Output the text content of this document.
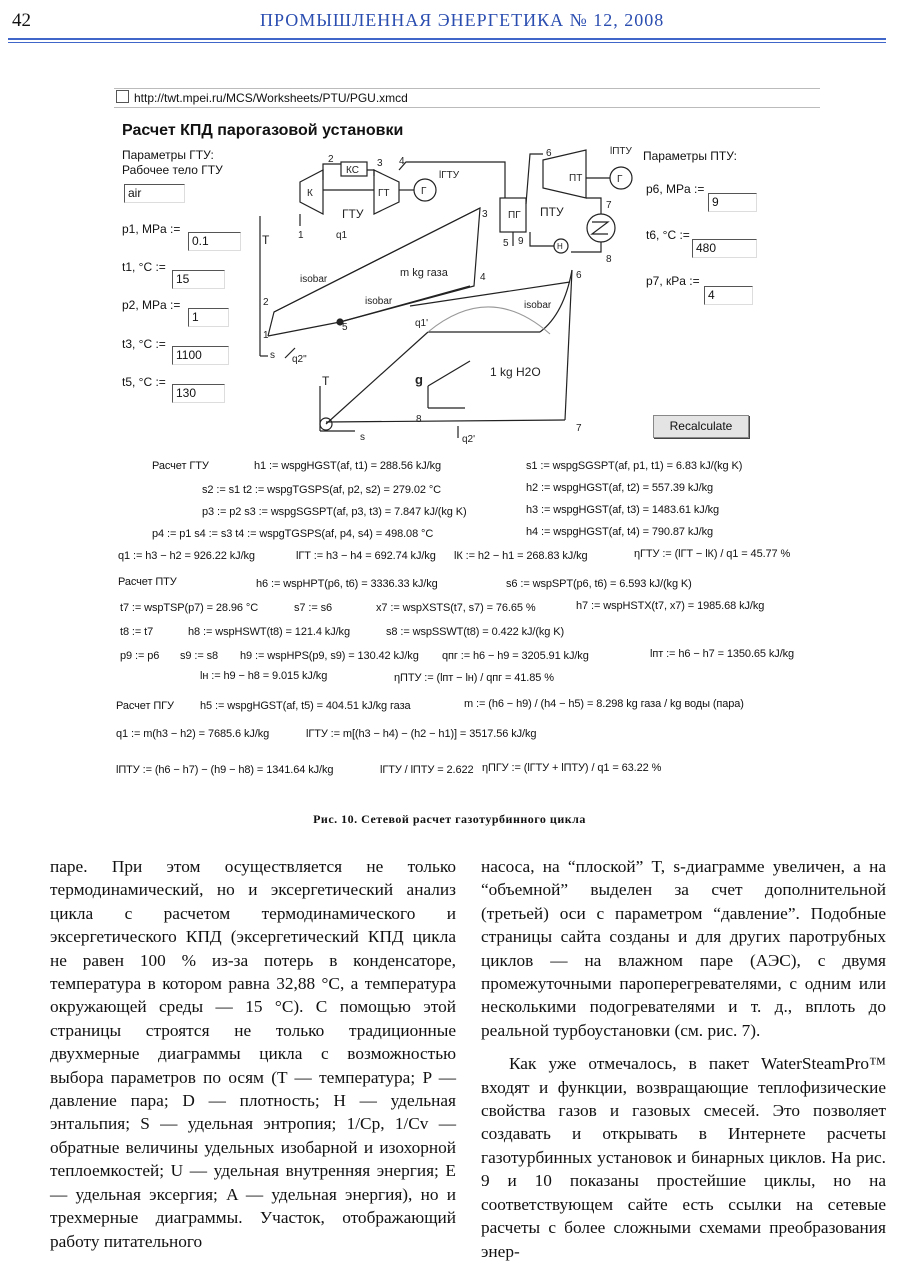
42	ПРОМЫШЛЕННАЯ ЭНЕРГЕТИКА № 12, 2008
http://twt.mpei.ru/MCS/Worksheets/PTU/PGU.xmcd
Расчет КПД парогазовой установки
Параметры ГТУ:
Рабочее тело ГТУ
air
p1, МPa :=
0.1
t1, °C :=
15
p2, МPa :=
1
t3, °C :=
1100
t5, °C :=
130
Параметры ПТУ:
p6, МPa :=
9
t6, °C :=
480
p7, кPa :=
4
КС
К	ГТ	Г
ГТУ
lГТУ
ПГ ПТУ
ПТ	Г
lПТУ
Н
2	3 4
1
5 9
6
7
8
T
s
q1
m kg газа
isobar
isobar	isobar
q1'
q2"
2
1
3
4
5
T
s
1 kg H2O
g
q2'
6
8
7	Recalculate
Расчет ГТУ	h1 := wspgHGST(af, t1) = 288.56 kJ/kg	s1 := wspgSGSPT(af, p1, t1) = 6.83 kJ/(kg K)
s2 := s1 t2 := wspgTGSPS(af, p2, s2) = 279.02 °C	h2 := wspgHGST(af, t2) = 557.39 kJ/kg
p3 := p2 s3 := wspgSGSPT(af, p3, t3) = 7.847 kJ/(kg K)	h3 := wspgHGST(af, t3) = 1483.61 kJ/kg
p4 := p1 s4 := s3 t4 := wspgTGSPS(af, p4, s4) = 498.08 °C	h4 := wspgHGST(af, t4) = 790.87 kJ/kg
q1 := h3 − h2 = 926.22 kJ/kg	lГТ := h3 − h4 = 692.74 kJ/kg lК := h2 − h1 = 268.83 kJ/kg	ηГТУ := (lГТ − lК) / q1 = 45.77 %
Расчет ПТУ	h6 := wspHPT(p6, t6) = 3336.33 kJ/kg	s6 := wspSPT(p6, t6) = 6.593 kJ/(kg K)
t7 := wspTSP(p7) = 28.96 °C	s7 := s6	x7 := wspXSTS(t7, s7) = 76.65 %	h7 := wspHSTX(t7, x7) = 1985.68 kJ/kg
t8 := t7	h8 := wspHSWT(t8) = 121.4 kJ/kg	s8 := wspSSWT(t8) = 0.422 kJ/(kg K)
p9 := p6 s9 := s8 h9 := wspHPS(p9, s9) = 130.42 kJ/kg qпг := h6 − h9 = 3205.91 kJ/kg	lпт := h6 − h7 = 1350.65 kJ/kg
lн := h9 − h8 = 9.015 kJ/kg	ηПТУ := (lпт − lн) / qпг = 41.85 %
Расчет ПГУ h5 := wspgHGST(af, t5) = 404.51 kJ/kg газа	m := (h6 − h9) / (h4 − h5) = 8.298 kg газа / kg воды (пара)
q1 := m(h3 − h2) = 7685.6 kJ/kg	lГТУ := m[(h3 − h4) − (h2 − h1)] = 3517.56 kJ/kg
lПТУ := (h6 − h7) − (h9 − h8) = 1341.64 kJ/kg	lГТУ / lПТУ = 2.622 ηПГУ := (lГТУ + lПТУ) / q1 = 63.22 %
Рис. 10. Сетевой расчет газотурбинного цикла

паре. При этом осуществляется не только термодинамический, но и эксергетический анализ цикла с расчетом термодинамического и эксергетического КПД (эксергетический КПД цикла не равен 100 % из-за потерь в конденсаторе, температура в котором равна 32,88 °С, а температура окружающей среды — 15 °С). С помощью этой страницы строятся не только традиционные двухмерные диаграммы цикла с возможностью выбора параметров по осям (T — температура; P — давление пара; D — плотность; H — удельная энтальпия; S — удельная энтропия; 1/Cp, 1/Cv — обратные величины удельных изобарной и изохорной теплоемкостей; U — удельная внутренняя энергия; E — удельная эксергия; A — удельная энергия), но и трехмерные диаграммы. Участок, отображающий работу питательного

насоса, на “плоской” T, s-диаграмме увеличен, а на “объемной” выделен за счет дополнительной (третьей) оси с параметром “давление”. Подобные страницы сайта созданы и для других паротрубных циклов — на влажном паре (АЭС), с двумя промежуточными пароперегревателями, с одним или несколькими подогревателями и т. д., вплоть до реальной турбоустановки (см. рис. 7).

Как уже отмечалось, в пакет WaterSteamPro™ входят и функции, возвращающие теплофизические свойства газов и газовых смесей. Это позволяет создавать и открывать в Интернете расчеты газотурбинных установок и бинарных циклов. На рис. 9 и 10 показаны простейшие циклы, но на соответствующем сайте есть ссылки на сетевые расчеты с более сложными схемами преобразования энер-
